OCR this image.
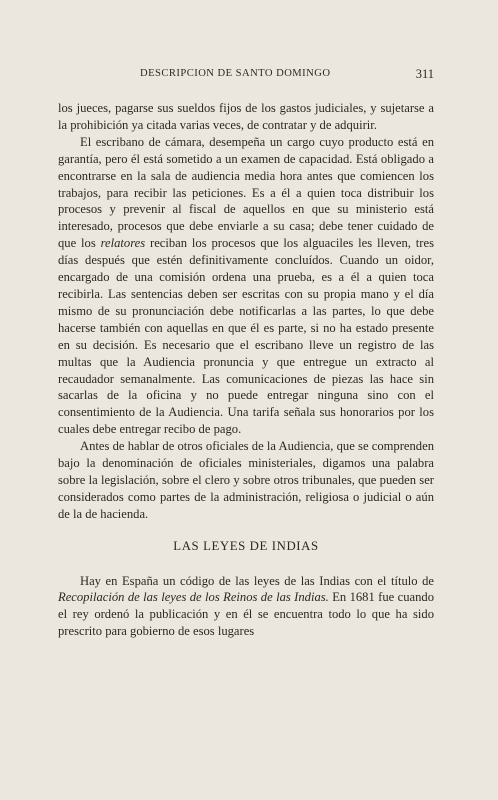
DESCRIPCION DE SANTO DOMINGO	311

los jueces, pagarse sus sueldos fijos de los gastos judiciales, y sujetarse a la prohibición ya citada varias veces, de contratar y de adquirir.

El escribano de cámara, desempeña un cargo cuyo producto está en garantía, pero él está sometido a un examen de capacidad. Está obligado a encontrarse en la sala de audiencia media hora antes que comiencen los trabajos, para recibir las peticiones. Es a él a quien toca distribuir los procesos y prevenir al fiscal de aquellos en que su ministerio está interesado, procesos que debe enviarle a su casa; debe tener cuidado de que los relatores reciban los procesos que los alguaciles les lleven, tres días después que estén definitivamente concluídos. Cuando un oidor, encargado de una comisión ordena una prueba, es a él a quien toca recibirla. Las sentencias deben ser escritas con su propia mano y el día mismo de su pronunciación debe notificarlas a las partes, lo que debe hacerse también con aquellas en que él es parte, si no ha estado presente en su decisión. Es necesario que el escribano lleve un registro de las multas que la Audiencia pronuncia y que entregue un extracto al recaudador semanalmente. Las comunicaciones de piezas las hace sin sacarlas de la oficina y no puede entregar ninguna sino con el consentimiento de la Audiencia. Una tarifa señala sus honorarios por los cuales debe entregar recibo de pago.

Antes de hablar de otros oficiales de la Audiencia, que se comprenden bajo la denominación de oficiales ministeriales, digamos una palabra sobre la legislación, sobre el clero y sobre otros tribunales, que pueden ser considerados como partes de la administración, religiosa o judicial o aún de la de hacienda.

LAS LEYES DE INDIAS

Hay en España un código de las leyes de las Indias con el título de Recopilación de las leyes de los Reinos de las Indias. En 1681 fue cuando el rey ordenó la publicación y en él se encuentra todo lo que ha sido prescrito para gobierno de esos lugares
